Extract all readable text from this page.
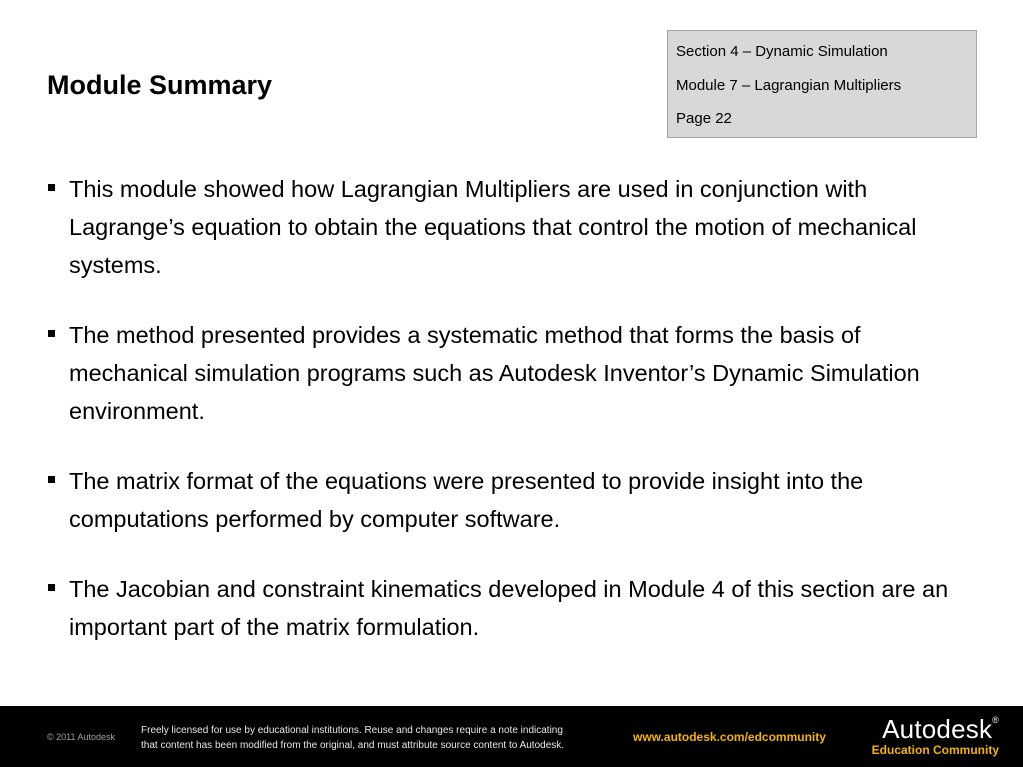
Module Summary
Section 4 – Dynamic Simulation
Module 7 – Lagrangian Multipliers
Page 22
This module showed how Lagrangian Multipliers are used in conjunction with Lagrange’s equation to obtain the equations that control the motion of mechanical systems.
The method presented provides a systematic method that forms the basis of mechanical simulation programs such as Autodesk Inventor’s Dynamic Simulation environment.
The matrix format of the equations were presented to provide insight into the computations performed by computer software.
The Jacobian and constraint kinematics developed in Module 4 of this section are an important part of the matrix formulation.
© 2011 Autodesk
Freely licensed for use by educational institutions. Reuse and changes require a note indicating
that content has been modified from the original, and must attribute source content to Autodesk.
www.autodesk.com/edcommunity	Autodesk®
Education Community
